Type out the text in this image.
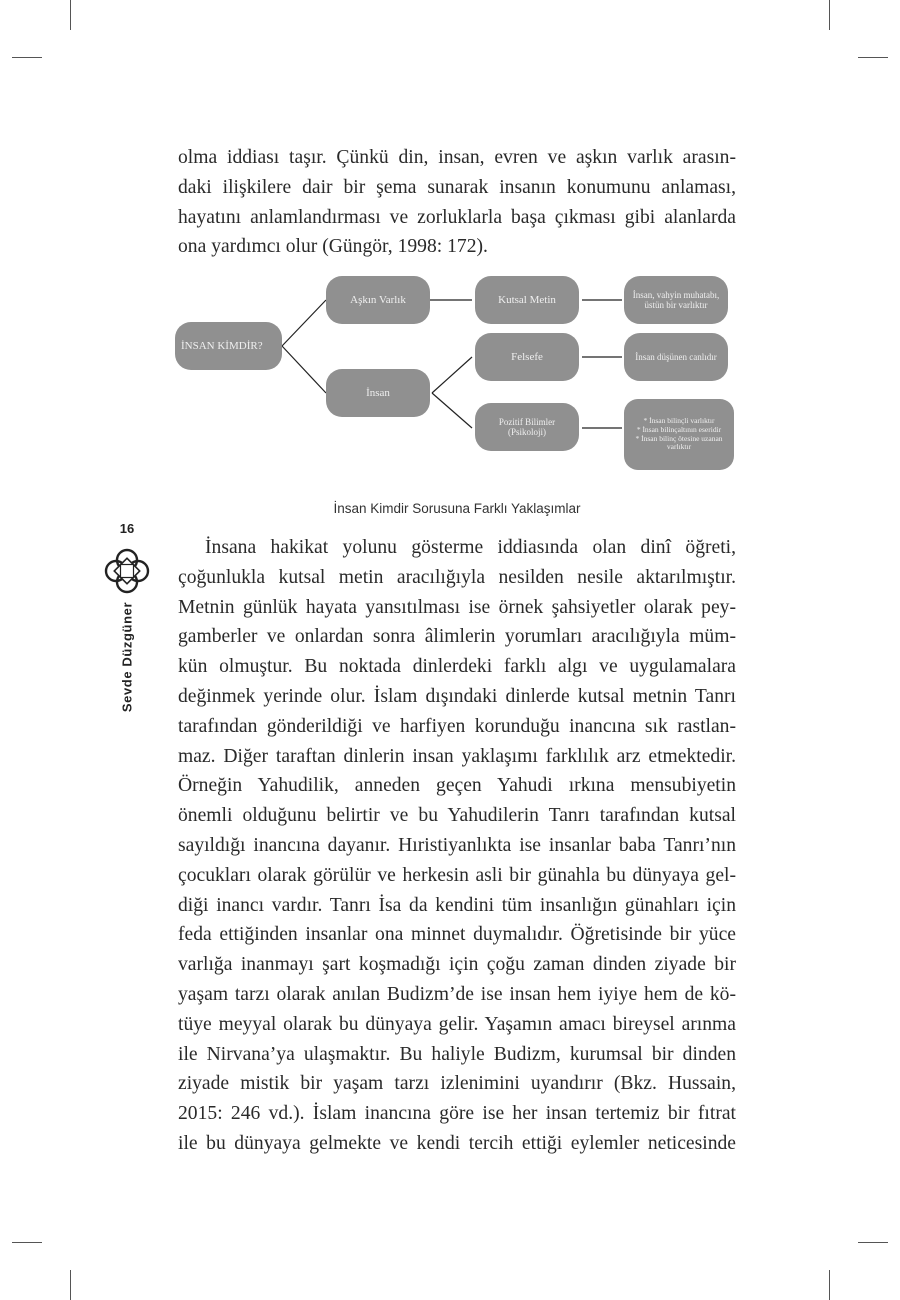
olma iddiası taşır. Çünkü din, insan, evren ve aşkın varlık arasın-
daki ilişkilere dair bir şema sunarak insanın konumunu anlaması,
hayatını anlamlandırması ve zorluklarla başa çıkması gibi alanlarda
ona yardımcı olur (Güngör, 1998: 172).
İNSAN KİMDİR?
Aşkın Varlık	Kutsal Metin	İnsan, vahyin muhatabı, üstün bir varlıktır
İnsan
Felsefe	İnsan düşünen canlıdır
Pozitif Bilimler (Psikoloji)
* İnsan bilinçli varlıktır
* İnsan bilinçaltının eseridir
* İnsan bilinç ötesine uzanan varlıktır
İnsan Kimdir Sorusuna Farklı Yaklaşımlar
16
Sevde Düzgüner
İnsana hakikat yolunu gösterme iddiasında olan dinî öğreti,
çoğunlukla kutsal metin aracılığıyla nesilden nesile aktarılmıştır.
Metnin günlük hayata yansıtılması ise örnek şahsiyetler olarak pey-
gamberler ve onlardan sonra âlimlerin yorumları aracılığıyla müm-
kün olmuştur. Bu noktada dinlerdeki farklı algı ve uygulamalara
değinmek yerinde olur. İslam dışındaki dinlerde kutsal metnin Tanrı
tarafından gönderildiği ve harfiyen korunduğu inancına sık rastlan-
maz. Diğer taraftan dinlerin insan yaklaşımı farklılık arz etmektedir.
Örneğin Yahudilik, anneden geçen Yahudi ırkına mensubiyetin
önemli olduğunu belirtir ve bu Yahudilerin Tanrı tarafından kutsal
sayıldığı inancına dayanır. Hıristiyanlıkta ise insanlar baba Tanrı’nın
çocukları olarak görülür ve herkesin asli bir günahla bu dünyaya gel-
diği inancı vardır. Tanrı İsa da kendini tüm insanlığın günahları için
feda ettiğinden insanlar ona minnet duymalıdır. Öğretisinde bir yüce
varlığa inanmayı şart koşmadığı için çoğu zaman dinden ziyade bir
yaşam tarzı olarak anılan Budizm’de ise insan hem iyiye hem de kö-
tüye meyyal olarak bu dünyaya gelir. Yaşamın amacı bireysel arınma
ile Nirvana’ya ulaşmaktır. Bu haliyle Budizm, kurumsal bir dinden
ziyade mistik bir yaşam tarzı izlenimini uyandırır (Bkz. Hussain,
2015: 246 vd.). İslam inancına göre ise her insan tertemiz bir fıtrat
ile bu dünyaya gelmekte ve kendi tercih ettiği eylemler neticesinde
